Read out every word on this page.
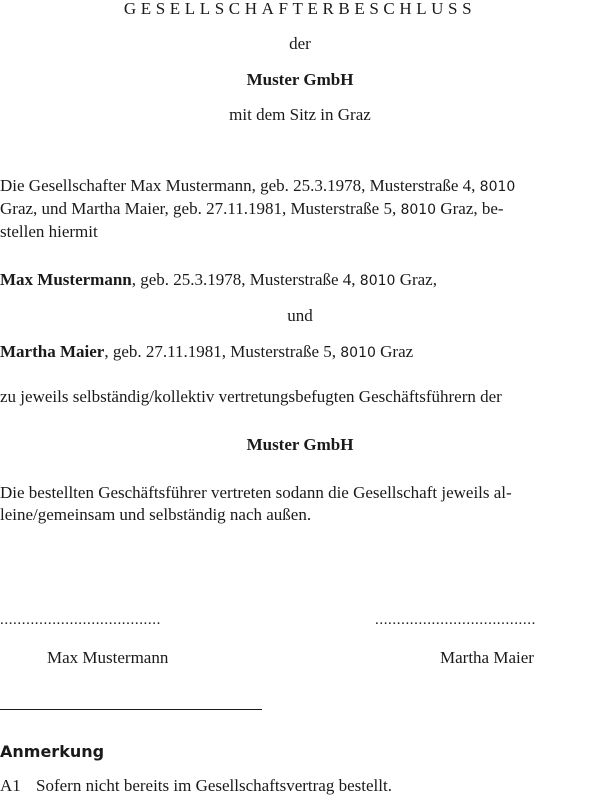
GESELLSCHAFTERBESCHLUSS
der
Muster GmbH
mit dem Sitz in Graz
Die Gesellschafter Max Mustermann, geb. 25.3.1978, Musterstraße 4, 8010
Graz, und Martha Maier, geb. 27.11.1981, Musterstraße 5, 8010 Graz, be-
stellen hiermit
Max Mustermann, geb. 25.3.1978, Musterstraße 4, 8010 Graz,
und
Martha Maier, geb. 27.11.1981, Musterstraße 5, 8010 Graz
zu jeweils selbständig/kollektiv vertretungsbefugten Geschäftsführern der
Muster GmbH
Die bestellten Geschäftsführer vertreten sodann die Gesellschaft jeweils al-
leine/gemeinsam und selbständig nach außen.
.....................................	.....................................
Max Mustermann	Martha Maier
Anmerkung
A1 Sofern nicht bereits im Gesellschaftsvertrag bestellt.
